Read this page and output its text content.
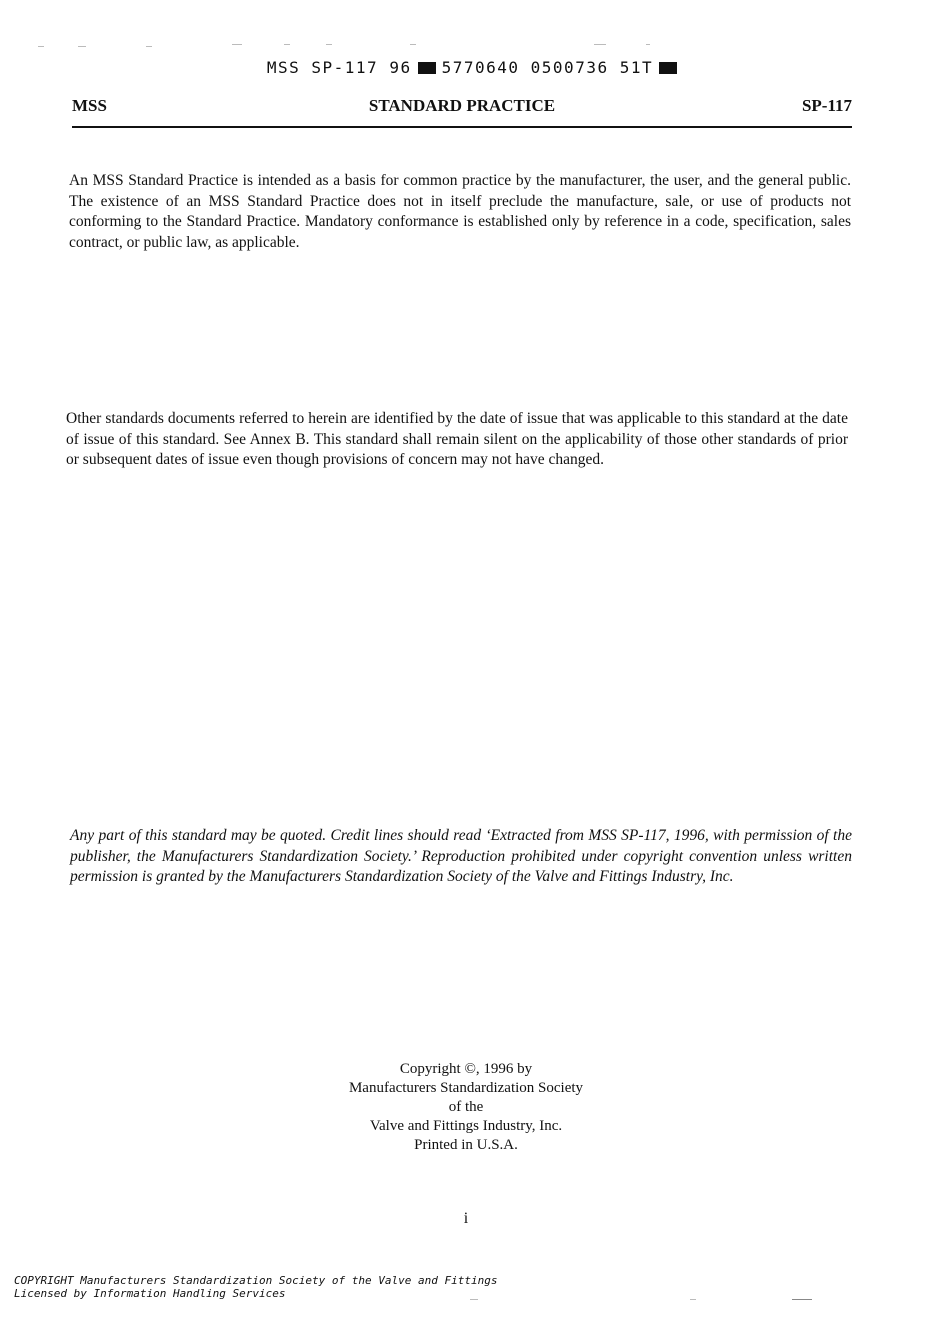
MSS SP-117 96 5770640 0500736 51T
STANDARD PRACTICE
MSS	SP-117

An MSS Standard Practice is intended as a basis for common practice by the manufacturer, the user, and the general public. The existence of an MSS Standard Practice does not in itself preclude the manufacture, sale, or use of products not conforming to the Standard Practice. Mandatory conformance is established only by reference in a code, specification, sales contract, or public law, as applicable.

Other standards documents referred to herein are identified by the date of issue that was applicable to this standard at the date of issue of this standard. See Annex B. This standard shall remain silent on the applicability of those other standards of prior or subsequent dates of issue even though provisions of concern may not have changed.

Any part of this standard may be quoted. Credit lines should read ‘Extracted from MSS SP-117, 1996, with permission of the publisher, the Manufacturers Standardization Society.’ Reproduction prohibited under copyright convention unless written permission is granted by the Manufacturers Standardization Society of the Valve and Fittings Industry, Inc.

Copyright ©, 1996 by
Manufacturers Standardization Society
of the
Valve and Fittings Industry, Inc.
Printed in U.S.A.
i
COPYRIGHT Manufacturers Standardization Society of the Valve and Fittings
Licensed by Information Handling Services
